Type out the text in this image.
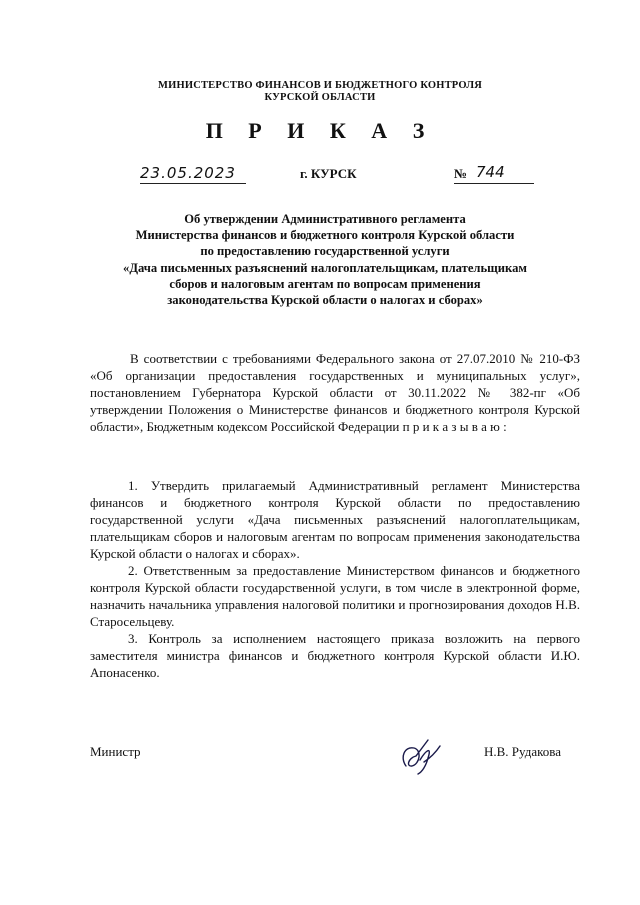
МИНИСТЕРСТВО ФИНАНСОВ И БЮДЖЕТНОГО КОНТРОЛЯ
КУРСКОЙ ОБЛАСТИ
П Р И К А З
23.05.2023	г. КУРСК	№ 744
Об утверждении Административного регламента
Министерства финансов и бюджетного контроля Курской области
по предоставлению государственной услуги
«Дача письменных разъяснений налогоплательщикам, плательщикам
сборов и налоговым агентам по вопросам применения
законодательства Курской области о налогах и сборах»

В соответствии с требованиями Федерального закона от 27.07.2010 № 210-ФЗ «Об организации предоставления государственных и муниципальных услуг», постановлением Губернатора Курской области от 30.11.2022 № 382-пг «Об утверждении Положения о Министерстве финансов и бюджетного контроля Курской области», Бюджетным кодексом Российской Федерации п р и к а з ы в а ю :

1. Утвердить прилагаемый Административный регламент Министерства финансов и бюджетного контроля Курской области по предоставлению государственной услуги «Дача письменных разъяснений налогоплательщикам, плательщикам сборов и налоговым агентам по вопросам применения законодательства Курской области о налогах и сборах».

2. Ответственным за предоставление Министерством финансов и бюджетного контроля Курской области государственной услуги, в том числе в электронной форме, назначить начальника управления налоговой политики и прогнозирования доходов Н.В. Старосельцеву.

3. Контроль за исполнением настоящего приказа возложить на первого заместителя министра финансов и бюджетного контроля Курской области И.Ю. Апонасенко.

Министр	Н.В. Рудакова
